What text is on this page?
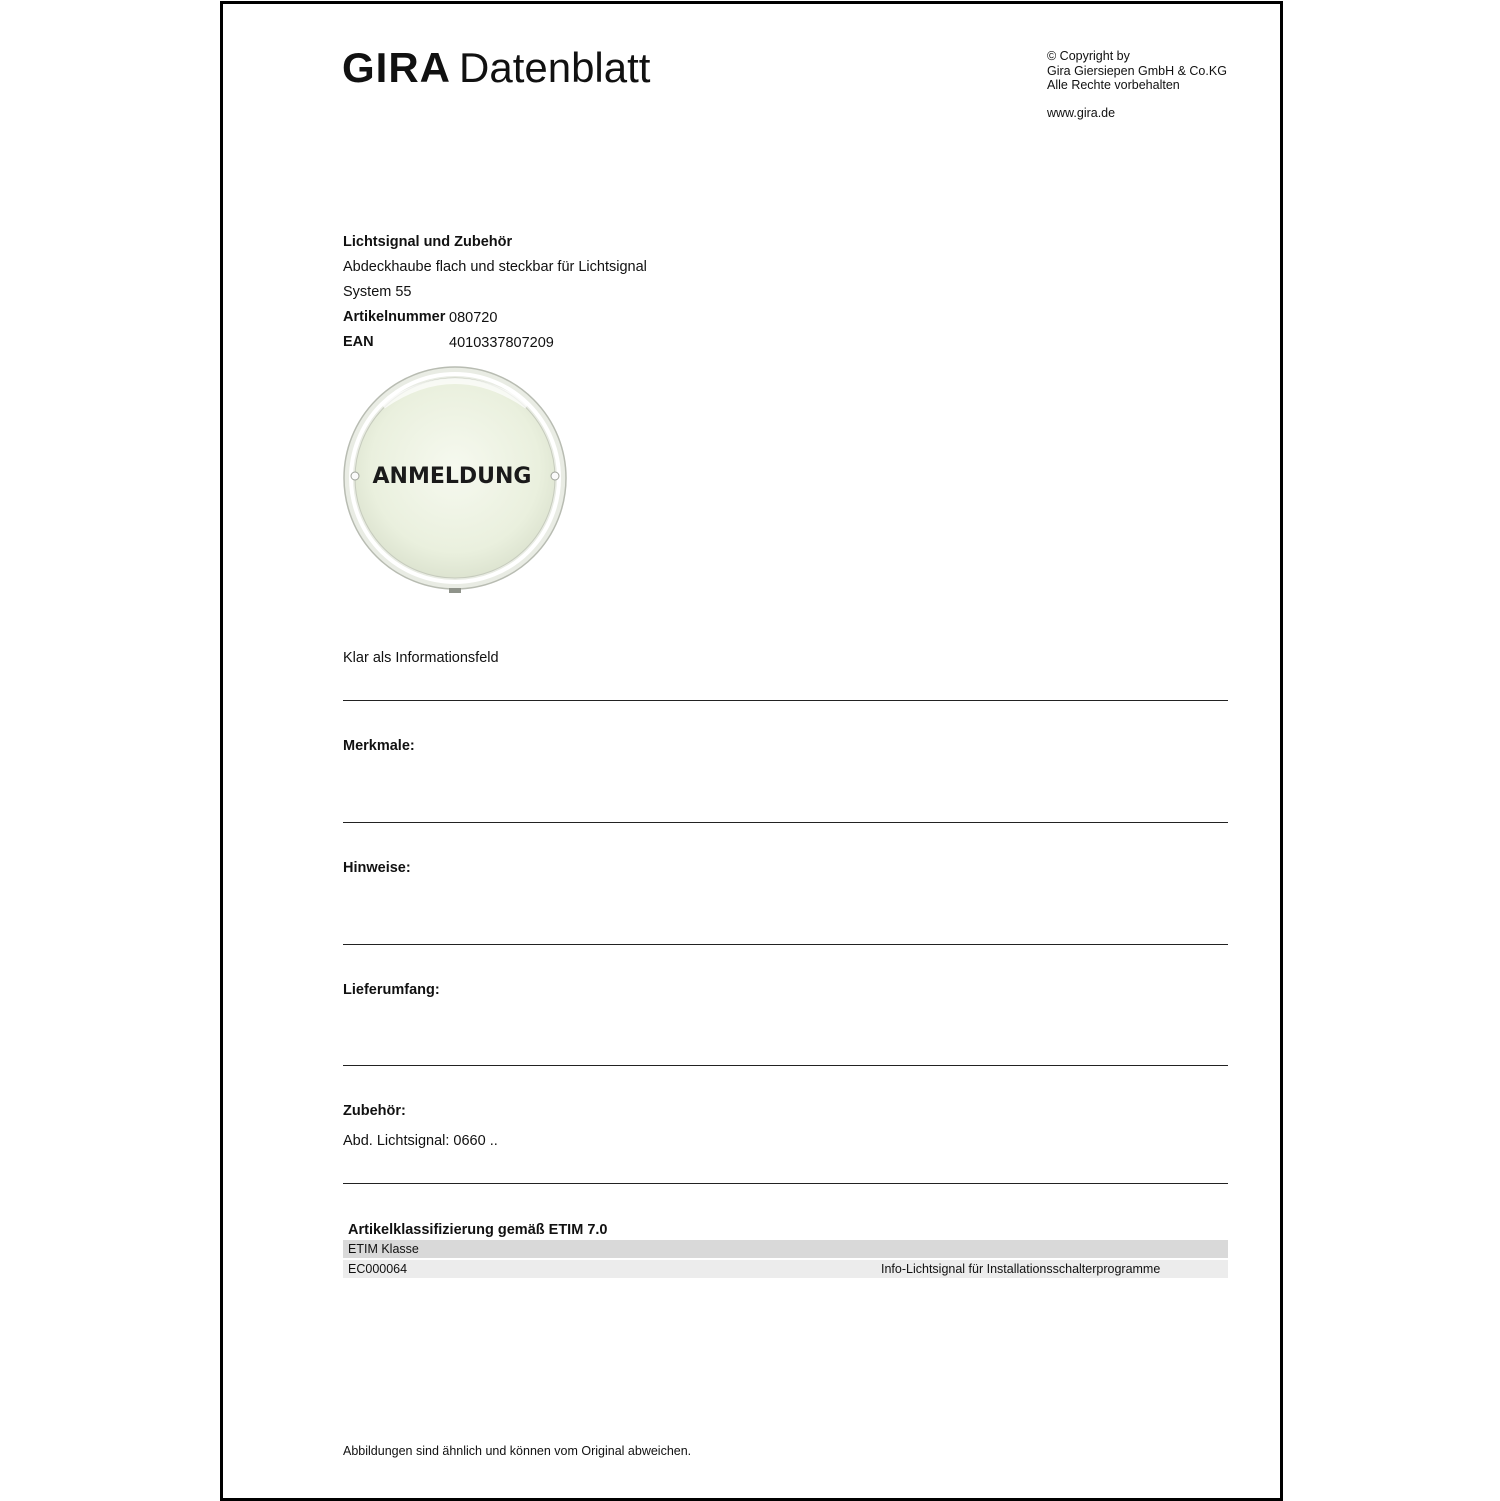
GIRA Datenblatt	© Copyright by
Gira Giersiepen GmbH & Co.KG
Alle Rechte vorbehalten
www.gira.de
Lichtsignal und Zubehör
Abdeckhaube flach und steckbar für Lichtsignal
System 55
Artikelnummer 080720
EAN	4010337807209
ANMELDUNG
Klar als Informationsfeld
Merkmale:
Hinweise:
Lieferumfang:
Zubehör:
Abd. Lichtsignal: 0660 ..
Artikelklassifizierung gemäß ETIM 7.0
ETIM Klasse
EC000064	Info-Lichtsignal für Installationsschalterprogramme
Abbildungen sind ähnlich und können vom Original abweichen.
